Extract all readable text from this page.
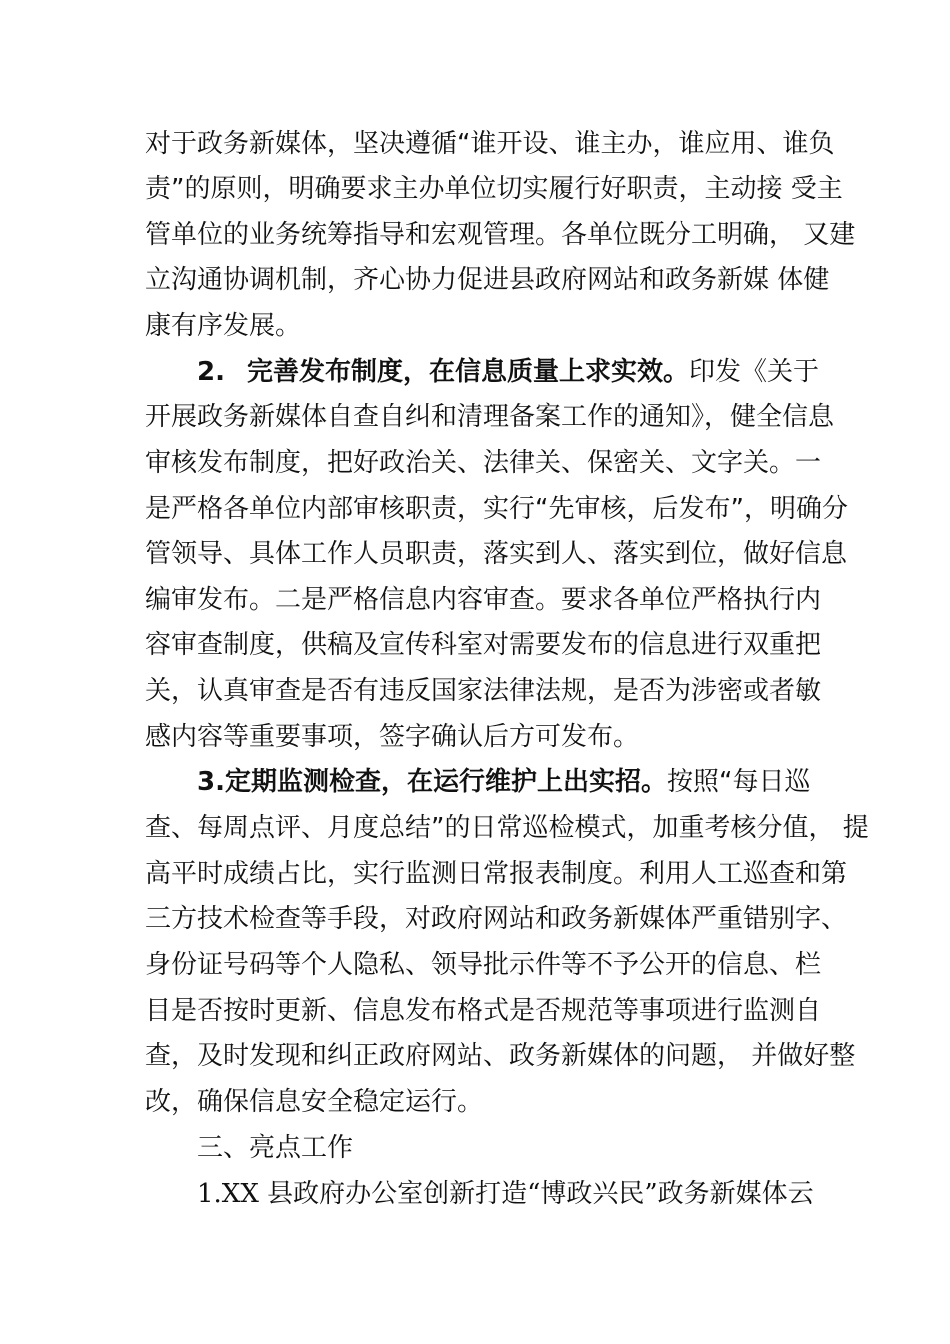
对于政务新媒体，坚决遵循“谁开设、谁主办，谁应用、谁负
责”的原则，明确要求主办单位切实履行好职责，主动接 受主
管单位的业务统筹指导和宏观管理。各单位既分工明确， 又建
立沟通协调机制，齐心协力促进县政府网站和政务新媒 体健
康有序发展。
2. 完善发布制度，在信息质量上求实效。印发《关于
开展政务新媒体自查自纠和清理备案工作的通知》，健全信息
审核发布制度，把好政治关、法律关、保密关、文字关。一
是严格各单位内部审核职责，实行“先审核，后发布”，明确分
管领导、具体工作人员职责，落实到人、落实到位，做好信息
编审发布。二是严格信息内容审查。要求各单位严格执行内
容审查制度，供稿及宣传科室对需要发布的信息进行双重把
关，认真审查是否有违反国家法律法规，是否为涉密或者敏
感内容等重要事项，签字确认后方可发布。
3.定期监测检查，在运行维护上出实招。按照“每日巡
查、每周点评、月度总结”的日常巡检模式，加重考核分值， 提
高平时成绩占比，实行监测日常报表制度。利用人工巡查和第
三方技术检查等手段，对政府网站和政务新媒体严重错别字、
身份证号码等个人隐私、领导批示件等不予公开的信息、栏
目是否按时更新、信息发布格式是否规范等事项进行监测自
查，及时发现和纠正政府网站、政务新媒体的问题， 并做好整
改，确保信息安全稳定运行。
三、亮点工作
1.XX 县政府办公室创新打造“博政兴民”政务新媒体云
